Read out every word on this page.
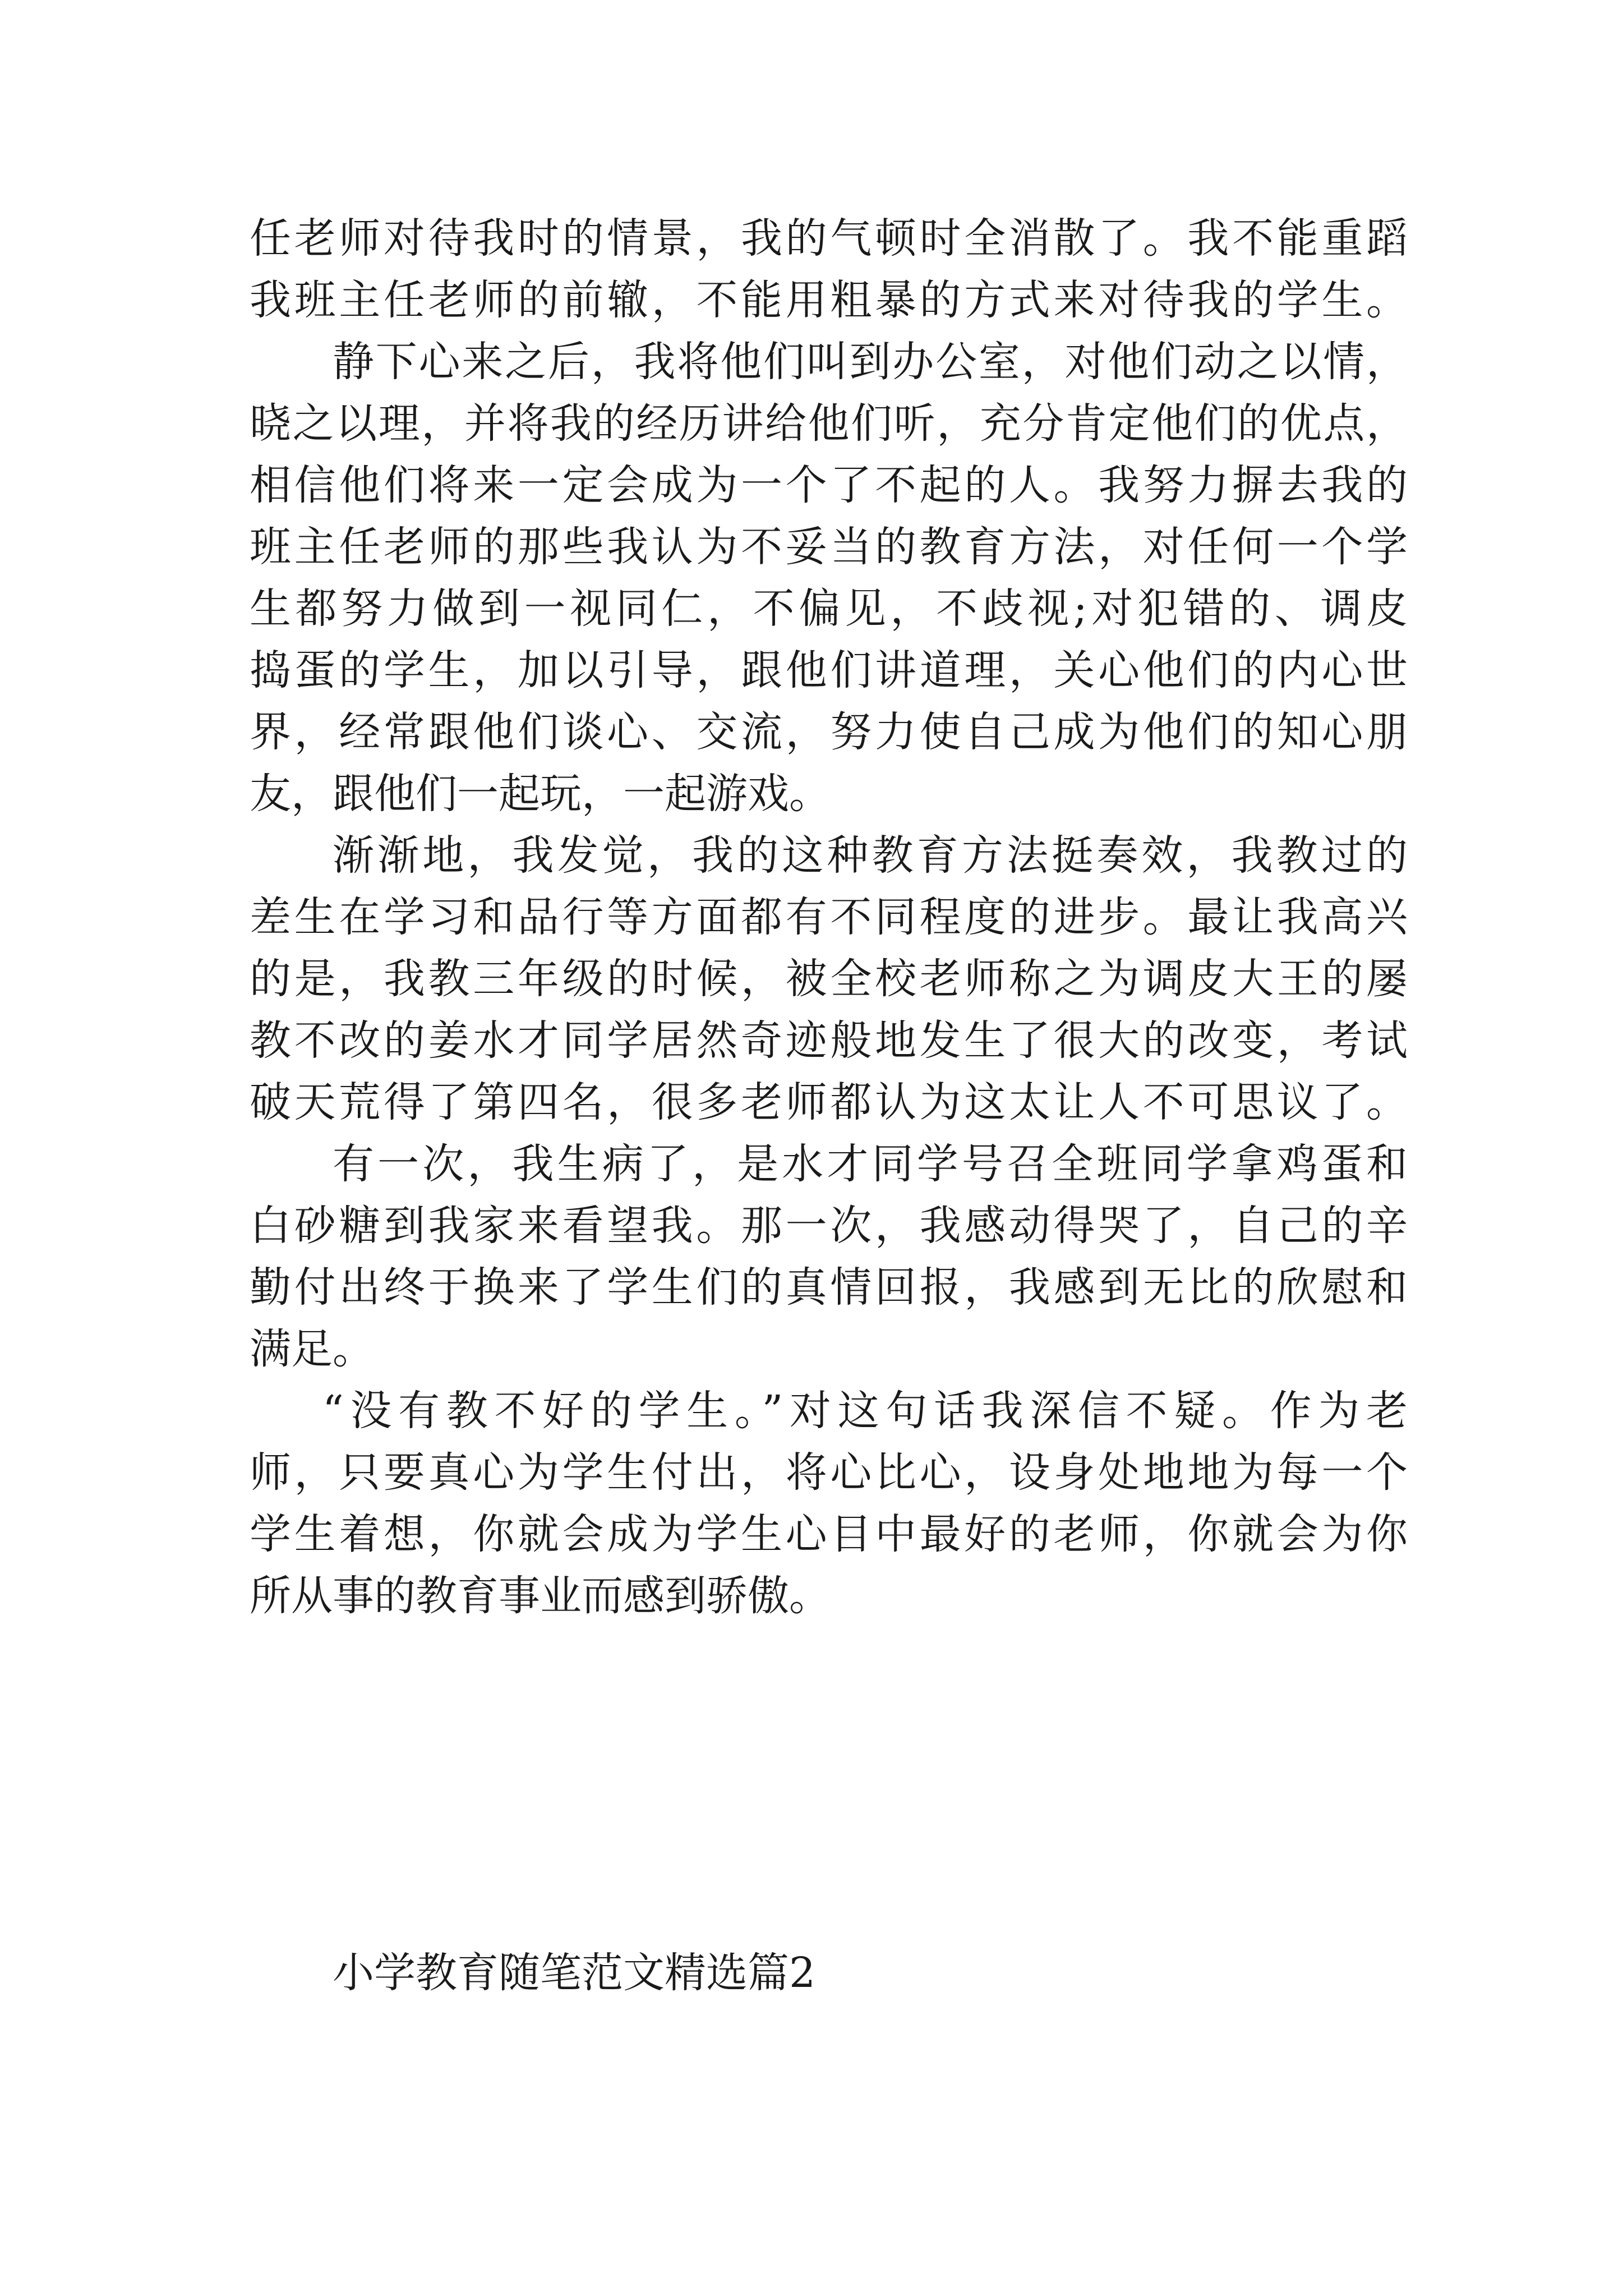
任老师对待我时的情景，我的气顿时全消散了。我不能重蹈
我班主任老师的前辙，不能用粗暴的方式来对待我的学生。
静下心来之后，我将他们叫到办公室，对他们动之以情，
晓之以理，并将我的经历讲给他们听，充分肯定他们的优点，
相信他们将来一定会成为一个了不起的人。我努力摒去我的
班主任老师的那些我认为不妥当的教育方法，对任何一个学
生都努力做到一视同仁，不偏见，不歧视;对犯错的、调皮
捣蛋的学生，加以引导，跟他们讲道理，关心他们的内心世
界，经常跟他们谈心、交流，努力使自己成为他们的知心朋
友，跟他们一起玩，一起游戏。
渐渐地，我发觉，我的这种教育方法挺奏效，我教过的
差生在学习和品行等方面都有不同程度的进步。最让我高兴
的是，我教三年级的时候，被全校老师称之为调皮大王的屡
教不改的姜水才同学居然奇迹般地发生了很大的改变，考试
破天荒得了第四名，很多老师都认为这太让人不可思议了。
有一次，我生病了，是水才同学号召全班同学拿鸡蛋和
白砂糖到我家来看望我。那一次，我感动得哭了，自己的辛
勤付出终于换来了学生们的真情回报，我感到无比的欣慰和
满足。
“没有教不好的学生。”对这句话我深信不疑。作为老
师，只要真心为学生付出，将心比心，设身处地地为每一个
学生着想，你就会成为学生心目中最好的老师，你就会为你
所从事的教育事业而感到骄傲。
小学教育随笔范文精选篇2
